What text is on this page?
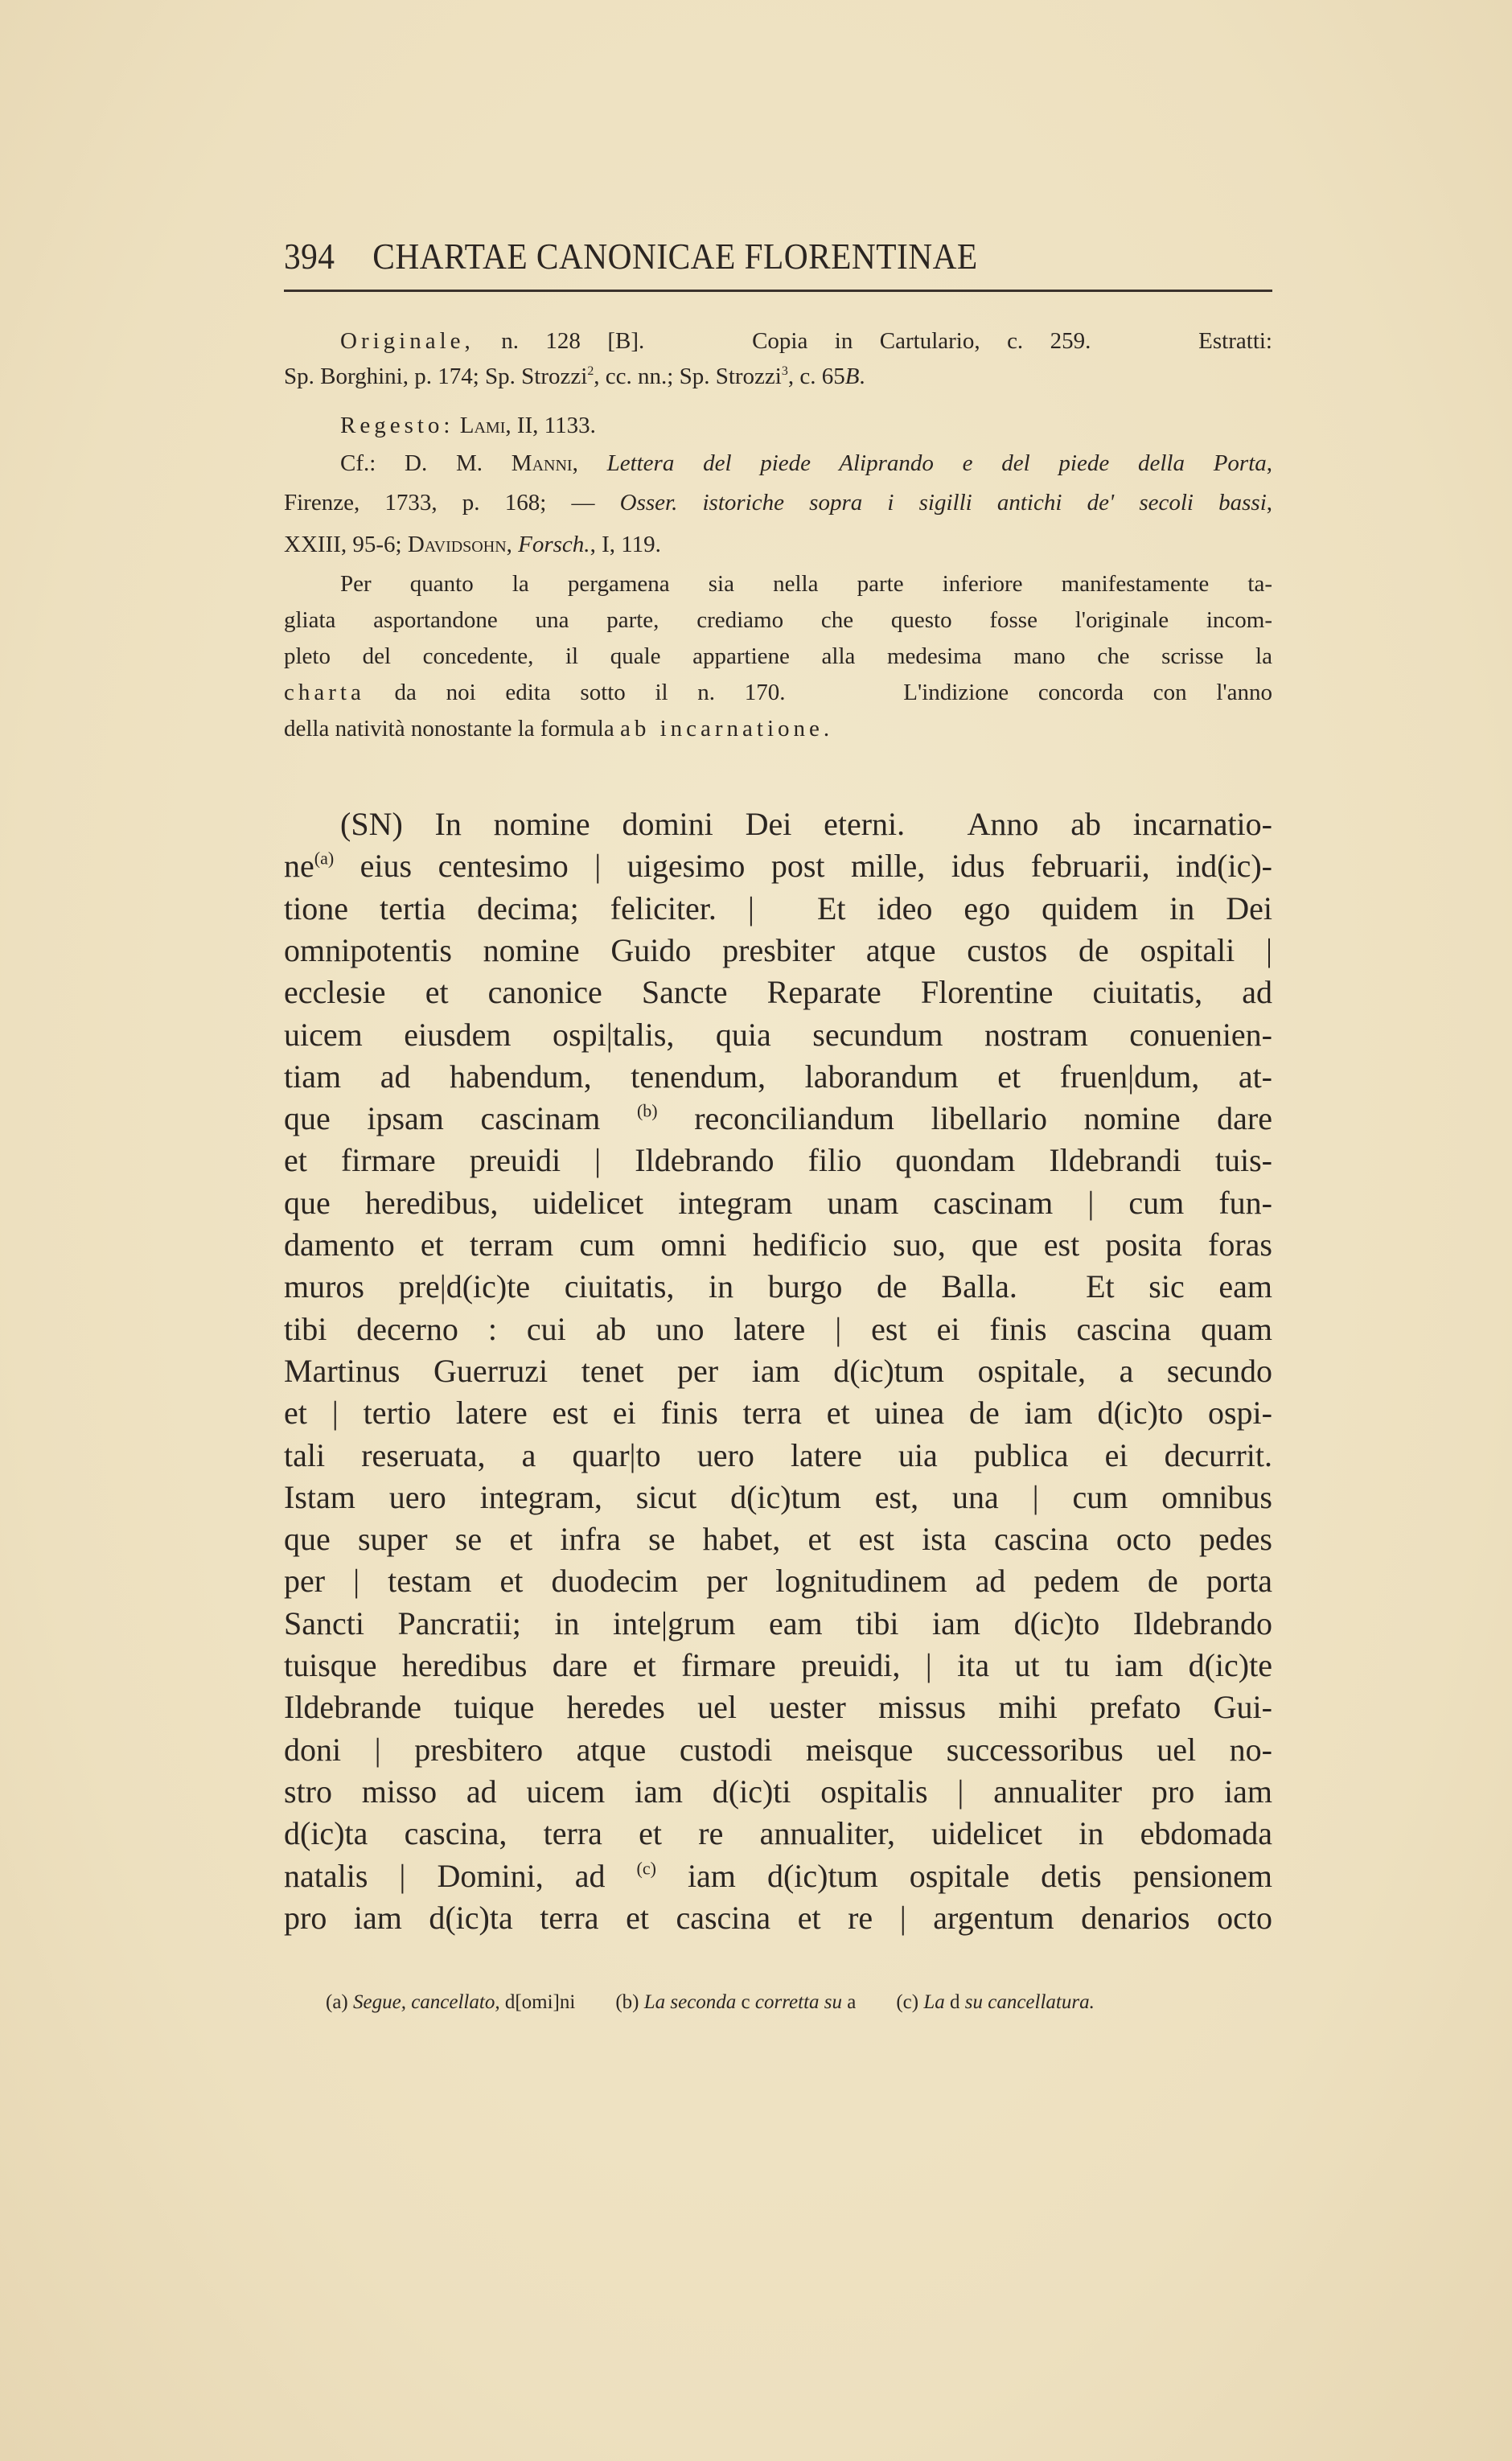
394 CHARTAE CANONICAE FLORENTINAE
Originale, n. 128 [B].    Copia in Cartulario, c. 259.    Estratti:
Sp. Borghini, p. 174; Sp. Strozzi$^2$, cc. nn.; Sp. Strozzi$^3$, c. 65B.
Regesto: Lami, II, 1133.
Cf.: D. M. Manni, Lettera del piede Aliprando e del piede della Porta,
Firenze, 1733, p. 168; — Osser. istoriche sopra i sigilli antichi de' secoli bassi,
XXIII, 95-6; Davidsohn, Forsch., I, 119.
Per quanto la pergamena sia nella parte inferiore manifestamente ta-
gliata asportandone una parte, crediamo che questo fosse l'originale incom-
pleto del concedente, il quale appartiene alla medesima mano che scrisse la
charta da noi edita sotto il n. 170.    L'indizione concorda con l'anno
della natività nonostante la formula ab incarnatione.
(SN) In nomine domini Dei eterni.  Anno ab incarnatio-
$ne^{(a)}$ eius centesimo | uigesimo post mille, idus februarii, ind(ic)-
tione tertia decima; feliciter. |  Et ideo ego quidem in Dei
omnipotentis nomine Guido presbiter atque custos de ospitali |
ecclesie et canonice Sancte Reparate Florentine ciuitatis, ad
uicem eiusdem ospi|talis, quia secundum nostram conuenien-
tiam ad habendum, tenendum, laborandum et fruen|dum, at-
que ipsam cascinam $^{(b)}$ reconciliandum libellario nomine dare
et firmare preuidi | Ildebrando filio quondam Ildebrandi tuis-
que heredibus, uidelicet integram unam cascinam | cum fun-
damento et terram cum omni hedificio suo, que est posita foras
muros pre|d(ic)te ciuitatis, in burgo de Balla.  Et sic eam
tibi decerno : cui ab uno latere | est ei finis cascina quam
Martinus Guerruzi tenet per iam d(ic)tum ospitale, a secundo
et | tertio latere est ei finis terra et uinea de iam d(ic)to ospi-
tali reseruata, a quar|to uero latere uia publica ei decurrit.
Istam uero integram, sicut d(ic)tum est, una | cum omnibus
que super se et infra se habet, et est ista cascina octo pedes
per | testam et duodecim per lognitudinem ad pedem de porta
Sancti Pancratii; in inte|grum eam tibi iam d(ic)to Ildebrando
tuisque heredibus dare et firmare preuidi, | ita ut tu iam d(ic)te
Ildebrande tuique heredes uel uester missus mihi prefato Gui-
doni | presbitero atque custodi meisque successoribus uel no-
stro misso ad uicem iam d(ic)ti ospitalis | annualiter pro iam
d(ic)ta cascina, terra et re annualiter, uidelicet in ebdomada
natalis | Domini, ad $^{(c)}$ iam d(ic)tum ospitale detis pensionem
pro iam d(ic)ta terra et cascina et re | argentum denarios octo
(a) Segue, cancellato, d[omi]ni        (b) La seconda c corretta su a        (c) La d su cancellatura.
